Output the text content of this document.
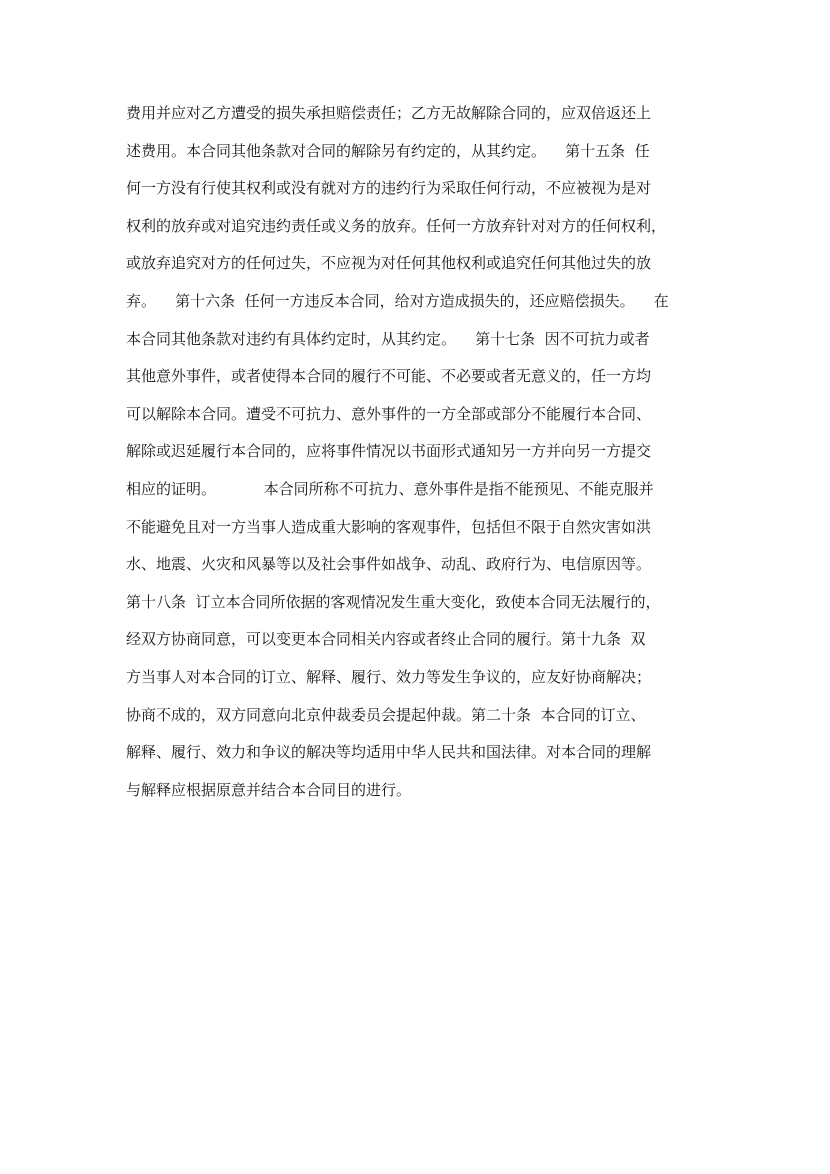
费用并应对乙方遭受的损失承担赔偿责任；乙方无故解除合同的，应双倍返还上
述费用。本合同其他条款对合同的解除另有约定的，从其约定。    第十五条  任
何一方没有行使其权利或没有就对方的违约行为采取任何行动，不应被视为是对
权利的放弃或对追究违约责任或义务的放弃。任何一方放弃针对对方的任何权利，
或放弃追究对方的任何过失，不应视为对任何其他权利或追究任何其他过失的放
弃。    第十六条  任何一方违反本合同，给对方造成损失的，还应赔偿损失。    在
本合同其他条款对违约有具体约定时，从其约定。    第十七条  因不可抗力或者
其他意外事件，或者使得本合同的履行不可能、不必要或者无意义的，任一方均
可以解除本合同。遭受不可抗力、意外事件的一方全部或部分不能履行本合同、
解除或迟延履行本合同的，应将事件情况以书面形式通知另一方并向另一方提交
相应的证明。          本合同所称不可抗力、意外事件是指不能预见、不能克服并
不能避免且对一方当事人造成重大影响的客观事件，包括但不限于自然灾害如洪
水、地震、火灾和风暴等以及社会事件如战争、动乱、政府行为、电信原因等。
第十八条  订立本合同所依据的客观情况发生重大变化，致使本合同无法履行的，
经双方协商同意，可以变更本合同相关内容或者终止合同的履行。第十九条  双
方当事人对本合同的订立、解释、履行、效力等发生争议的，应友好协商解决；
协商不成的，双方同意向北京仲裁委员会提起仲裁。第二十条  本合同的订立、
解释、履行、效力和争议的解决等均适用中华人民共和国法律。对本合同的理解
与解释应根据原意并结合本合同目的进行。
